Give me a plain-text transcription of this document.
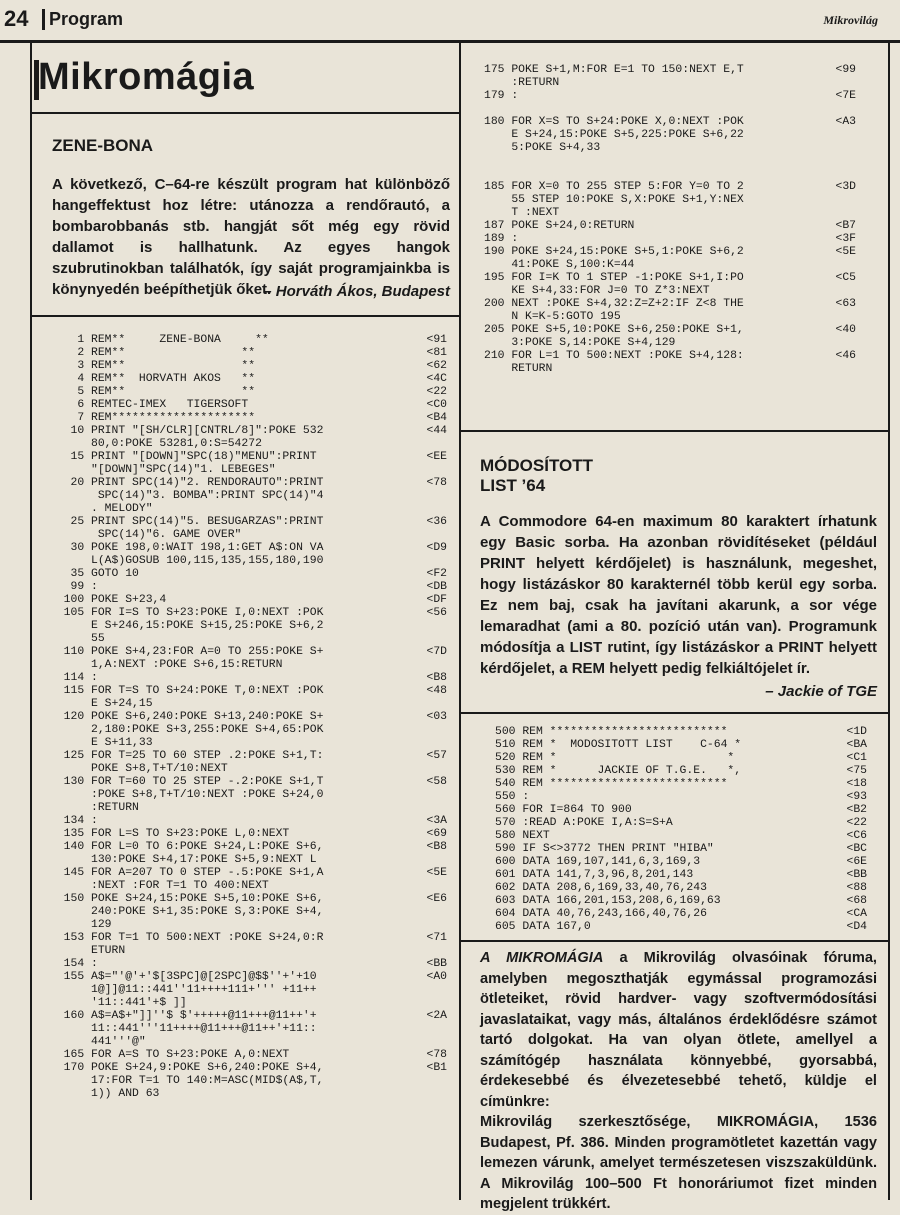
24	Program	Mikrovilág
Mikromágia
ZENE-BONA
A következő, C–64-re készült program hat különböző hangeffektust hoz létre: utánozza a rendőrautó, a bombarobbanás stb. hangját sőt még egy rövid dallamot is hallhatunk. Az egyes hangok szubrutinokban találhatók, így saját programjainkba is könynyedén beépíthetjük őket.
– Horváth Ákos, Budapest
1 REM**     ZENE-BONA     **	<91
2 REM**                 **	<81
3 REM**                 **	<62
4 REM**  HORVATH AKOS   **	<4C
5 REM**                 **	<22
6 REMTEC-IMEX   TIGERSOFT	<C0
7 REM*********************	<B4
10 PRINT "[SH/CLR][CNTRL/8]":POKE 532	<44
80,0:POKE 53281,0:S=54272
15 PRINT "[DOWN]"SPC(18)"MENU":PRINT	<EE
"[DOWN]"SPC(14)"1. LEBEGES"
20 PRINT SPC(14)"2. RENDORAUTO":PRINT	<78
SPC(14)"3. BOMBA":PRINT SPC(14)"4
. MELODY"
25 PRINT SPC(14)"5. BESUGARZAS":PRINT	<36
SPC(14)"6. GAME OVER"
30 POKE 198,0:WAIT 198,1:GET A$:ON VA	<D9
L(A$)GOSUB 100,115,135,155,180,190
35 GOTO 10	<F2
99 :	<DB
100 POKE S+23,4	<DF
105 FOR I=S TO S+23:POKE I,0:NEXT :POK	<56
E S+246,15:POKE S+15,25:POKE S+6,2
55
110 POKE S+4,23:FOR A=0 TO 255:POKE S+	<7D
1,A:NEXT :POKE S+6,15:RETURN
114 :	<B8
115 FOR T=S TO S+24:POKE T,0:NEXT :POK	<48
E S+24,15
120 POKE S+6,240:POKE S+13,240:POKE S+	<03
2,180:POKE S+3,255:POKE S+4,65:POK
E S+11,33
125 FOR T=25 TO 60 STEP .2:POKE S+1,T:	<57
POKE S+8,T+T/10:NEXT
130 FOR T=60 TO 25 STEP -.2:POKE S+1,T	<58
:POKE S+8,T+T/10:NEXT :POKE S+24,0
:RETURN
134 :	<3A
135 FOR L=S TO S+23:POKE L,0:NEXT	<69
140 FOR L=0 TO 6:POKE S+24,L:POKE S+6,	<B8
130:POKE S+4,17:POKE S+5,9:NEXT L
145 FOR A=207 TO 0 STEP -.5:POKE S+1,A	<5E
:NEXT :FOR T=1 TO 400:NEXT
150 POKE S+24,15:POKE S+5,10:POKE S+6,	<E6
240:POKE S+1,35:POKE S,3:POKE S+4,
129
153 FOR T=1 TO 500:NEXT :POKE S+24,0:R	<71
ETURN
154 :	<BB
155 A$="'@'+'$[3SPC]@[2SPC]@$$''+'+10	<A0
1@]]@11::441''11++++111+''' +11++
'11::441'+$ ]]
160 A$=A$+"]]''$ $'+++++@11+++@11++'+	<2A
11::441'''11++++@11+++@11++'+11::
441'''@"
165 FOR A=S TO S+23:POKE A,0:NEXT	<78
170 POKE S+24,9:POKE S+6,240:POKE S+4,	<B1
17:FOR T=1 TO 140:M=ASC(MID$(A$,T,
1)) AND 63
175 POKE S+1,M:FOR E=1 TO 150:NEXT E,T	<99
:RETURN
179 :	<7E
180 FOR X=S TO S+24:POKE X,0:NEXT :POK	<A3
E S+24,15:POKE S+5,225:POKE S+6,22
5:POKE S+4,33
185 FOR X=0 TO 255 STEP 5:FOR Y=0 TO 2	<3D
55 STEP 10:POKE S,X:POKE S+1,Y:NEX
T :NEXT
187 POKE S+24,0:RETURN	<B7
189 :	<3F
190 POKE S+24,15:POKE S+5,1:POKE S+6,2	<5E
41:POKE S,100:K=44
195 FOR I=K TO 1 STEP -1:POKE S+1,I:PO	<C5
KE S+4,33:FOR J=0 TO Z*3:NEXT
200 NEXT :POKE S+4,32:Z=Z+2:IF Z<8 THE	<63
N K=K-5:GOTO 195
205 POKE S+5,10:POKE S+6,250:POKE S+1,	<40
3:POKE S,14:POKE S+4,129
210 FOR L=1 TO 500:NEXT :POKE S+4,128:	<46
RETURN
MÓDOSÍTOTT
LIST ’64
A Commodore 64-en maximum 80 karaktert írhatunk egy Basic sorba. Ha azonban rövidítéseket (például PRINT helyett kérdőjelet) is használunk, megeshet, hogy listázáskor 80 karakternél több kerül egy sorba. Ez nem baj, csak ha javítani akarunk, a sor vége lemaradhat (ami a 80. pozíció után van). Programunk módosítja a LIST rutint, így listázáskor a PRINT helyett kérdőjelet, a REM helyett pedig felkiáltójelet ír.
– Jackie of TGE
500 REM **************************	<1D
510 REM *  MODOSITOTT LIST    C-64 *	<BA
520 REM *                         *	<C1
530 REM *      JACKIE OF T.G.E.   *,	<75
540 REM **************************	<18
550 :	<93
560 FOR I=864 TO 900	<B2
570 :READ A:POKE I,A:S=S+A	<22
580 NEXT	<C6
590 IF S<>3772 THEN PRINT "HIBA"	<BC
600 DATA 169,107,141,6,3,169,3	<6E
601 DATA 141,7,3,96,8,201,143	<BB
602 DATA 208,6,169,33,40,76,243	<88
603 DATA 166,201,153,208,6,169,63	<68
604 DATA 40,76,243,166,40,76,26	<CA
605 DATA 167,0	<D4
A MIKROMÁGIA a Mikrovilág olvasóinak fóruma, amelyben megoszthatják egymással programozási ötleteiket, rövid hardver- vagy szoftvermódosítási javaslataikat, vagy más, általános érdeklődésre számot tartó dolgokat. Ha van olyan ötlete, amellyel a számítógép használata könnyebbé, gyorsabbá, érdekesebbé és élvezetesebbé tehető, küldje el címünkre:
Mikrovilág szerkesztősége, MIKROMÁGIA, 1536 Budapest, Pf. 386. Minden programötletet kazettán vagy lemezen várunk, amelyet természetesen viszszaküldünk. A Mikrovilág 100–500 Ft honoráriumot fizet minden megjelent trükkért.
